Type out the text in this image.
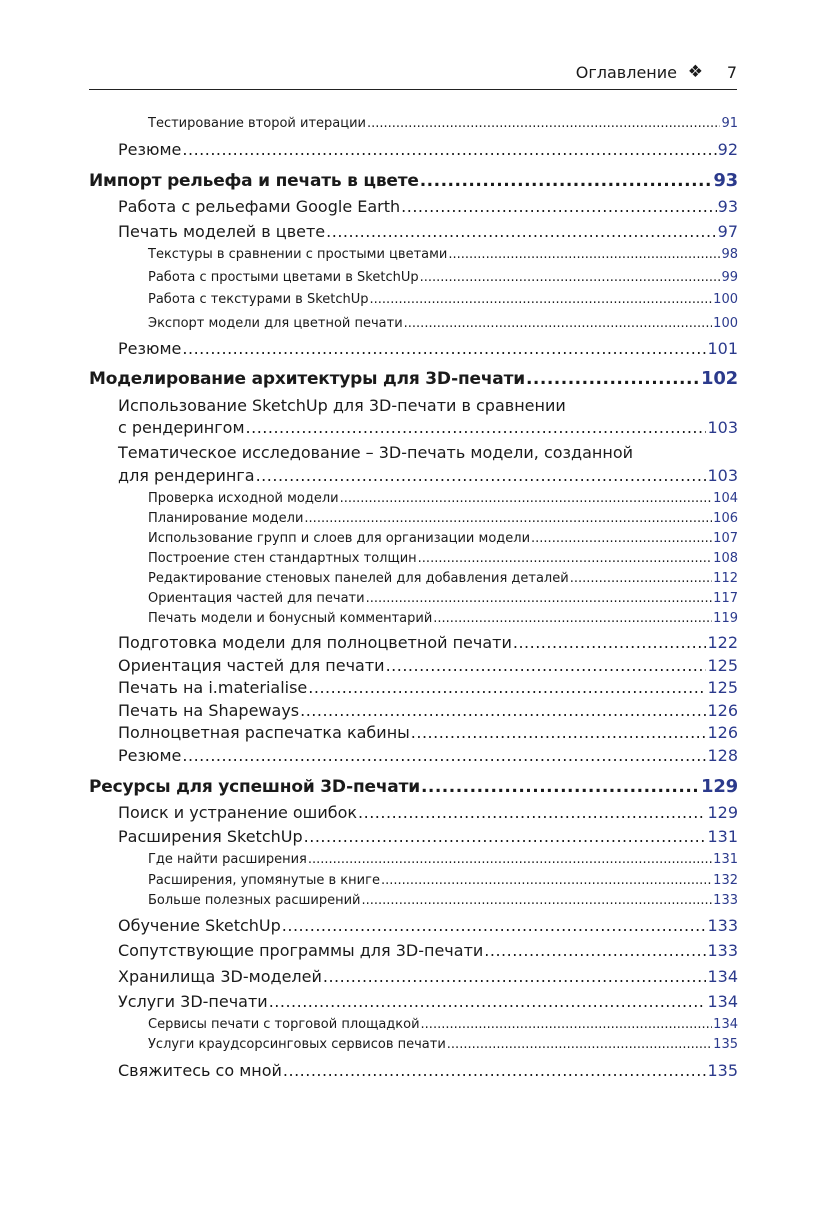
Оглавление ❖ 7
Тестирование второй итерации .....	91
Резюме .....	92
Импорт рельефа и печать в цвете .....	93
Работа с рельефами Google Earth .....	93
Печать моделей в цвете .....	97
Текстуры в сравнении с простыми цветами .....	98
Работа с простыми цветами в SketchUp .....	99
Работа с текстурами в SketchUp .....	100
Экспорт модели для цветной печати .....	100
Резюме .....	101
Моделирование архитектуры для 3D-печати .....	102
Использование SketchUp для 3D-печати в сравнении
с рендерингом .....	103
Тематическое исследование – 3D-печать модели, созданной
для рендеринга .....	103
Проверка исходной модели .....	104
Планирование модели .....	106
Использование групп и слоев для организации модели .....	107
Построение стен стандартных толщин .....	108
Редактирование стеновых панелей для добавления деталей .....	112
Ориентация частей для печати .....	117
Печать модели и бонусный комментарий .....	119
Подготовка модели для полноцветной печати .....	122
Ориентация частей для печати .....	125
Печать на i.materialise .....	125
Печать на Shapeways .....	126
Полноцветная распечатка кабины .....	126
Резюме .....	128
Ресурсы для успешной 3D-печати .....	129
Поиск и устранение ошибок .....	129
Расширения SketchUp .....	131
Где найти расширения .....	131
Расширения, упомянутые в книге .....	132
Больше полезных расширений .....	133
Обучение SketchUp .....	133
Сопутствующие программы для 3D-печати .....	133
Хранилища 3D-моделей .....	134
Услуги 3D-печати .....	134
Сервисы печати с торговой площадкой .....	134
Услуги краудсорсинговых сервисов печати .....	135
Свяжитесь со мной .....	135
